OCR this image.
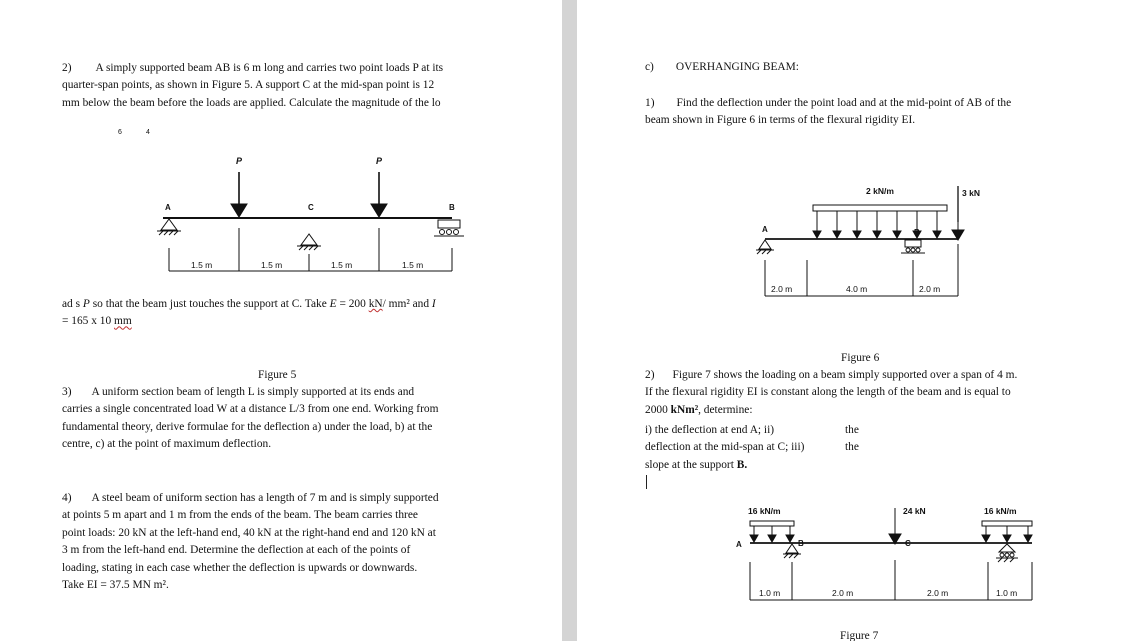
2) A simply supported beam AB is 6 m long and carries two point loads P at its
quarter-span points, as shown in Figure 5. A support C at the mid-span point is 12
mm below the beam before the loads are applied. Calculate the magnitude of the lo
6	4
P	P
A	B
C
1.5 m	1.5 m	1.5 m	1.5 m
ad s P so that the beam just touches the support at C. Take E = 200 kN/ mm² and I
= 165 x 10 mm
Figure 5
3) A uniform section beam of length L is simply supported at its ends and
carries a single concentrated load W at a distance L/3 from one end. Working from
fundamental theory, derive formulae for the deflection a) under the load, b) at the
centre, c) at the point of maximum deflection.
4) A steel beam of uniform section has a length of 7 m and is simply supported
at points 5 m apart and 1 m from the ends of the beam. The beam carries three
point loads: 20 kN at the left-hand end, 40 kN at the right-hand end and 120 kN at
3 m from the left-hand end. Determine the deflection at each of the points of
loading, stating in each case whether the deflection is upwards or downwards.
Take EI = 37.5 MN m².
c) OVERHANGING BEAM:
1) Find the deflection under the point load and at the mid-point of AB of the
beam shown in Figure 6 in terms of the flexural rigidity EI.
2 kN/m	3 kN
A	B
2.0 m	4.0 m	2.0 m
Figure 6
2) Figure 7 shows the loading on a beam simply supported over a span of 4 m.
If the flexural rigidity EI is constant along the length of the beam and is equal to
2000 kNm², determine:
i) the deflection at end A; ii)	the
deflection at the mid-span at C; iii)	the
slope at the support B.
16 kN/m	24 kN	16 kN/m
A	B	C
1.0 m	2.0 m	2.0 m	1.0 m
Figure 7
